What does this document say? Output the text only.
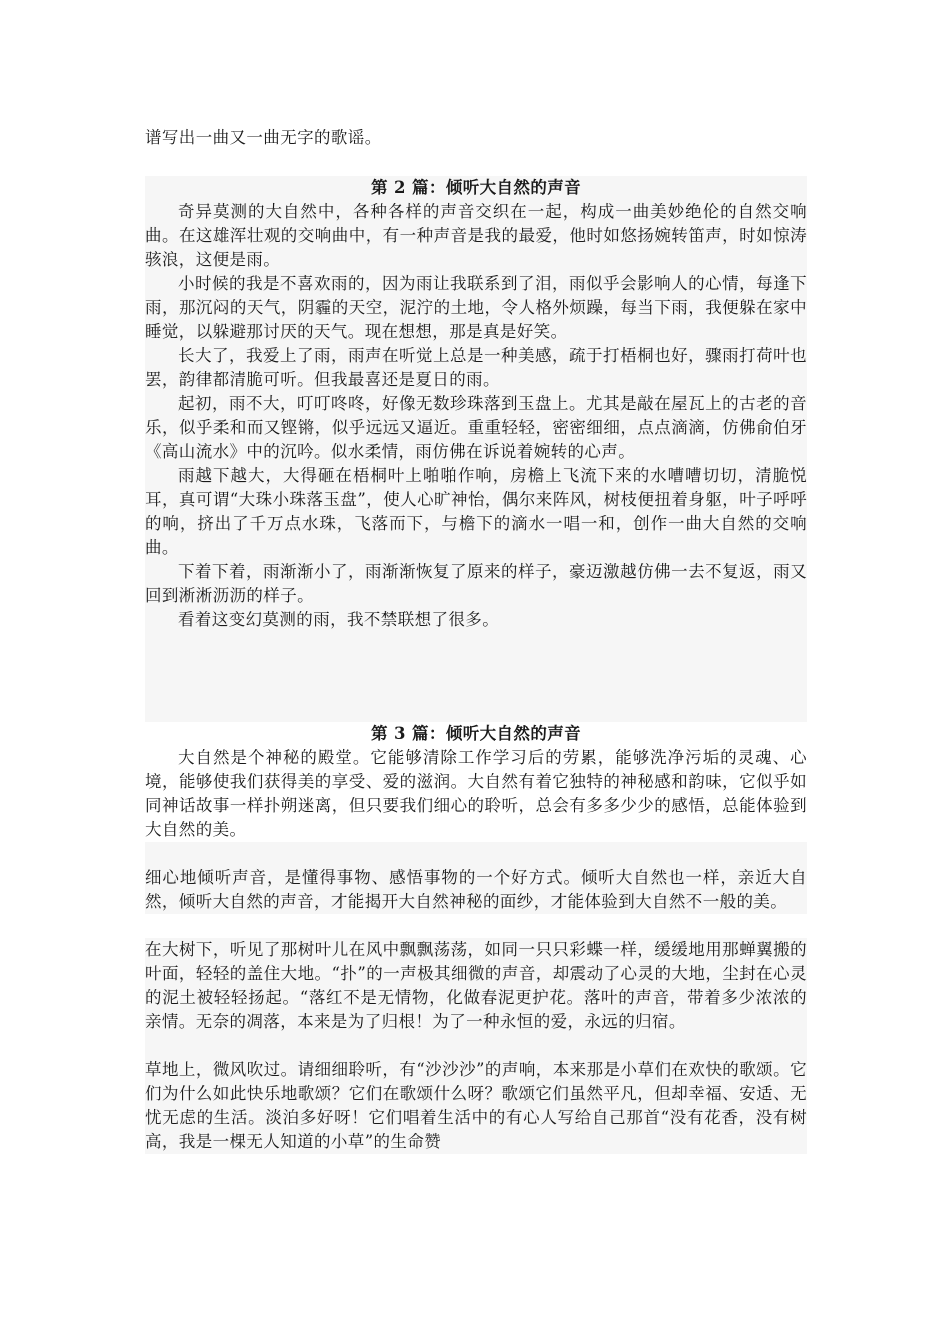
谱写出一曲又一曲无字的歌谣。

第 2 篇：倾听大自然的声音

奇异莫测的大自然中，各种各样的声音交织在一起，构成一曲美妙绝伦的自然交响曲。在这雄浑壮观的交响曲中，有一种声音是我的最爱，他时如悠扬婉转笛声，时如惊涛骇浪，这便是雨。

小时候的我是不喜欢雨的，因为雨让我联系到了泪，雨似乎会影响人的心情，每逢下雨，那沉闷的天气，阴霾的天空，泥泞的土地，令人格外烦躁，每当下雨，我便躲在家中睡觉，以躲避那讨厌的天气。现在想想，那是真是好笑。

长大了，我爱上了雨，雨声在听觉上总是一种美感，疏于打梧桐也好，骤雨打荷叶也罢，韵律都清脆可听。但我最喜还是夏日的雨。

起初，雨不大，叮叮咚咚，好像无数珍珠落到玉盘上。尤其是敲在屋瓦上的古老的音乐，似乎柔和而又铿锵，似乎远远又逼近。重重轻轻，密密细细，点点滴滴，仿佛俞伯牙《高山流水》中的沉吟。似水柔情，雨仿佛在诉说着婉转的心声。

雨越下越大，大得砸在梧桐叶上啪啪作响，房檐上飞流下来的水嘈嘈切切，清脆悦耳，真可谓“大珠小珠落玉盘”，使人心旷神怡，偶尔来阵风，树枝便扭着身躯，叶子呼呼的响，挤出了千万点水珠，飞落而下，与檐下的滴水一唱一和，创作一曲大自然的交响曲。

下着下着，雨渐渐小了，雨渐渐恢复了原来的样子，豪迈激越仿佛一去不复返，雨又回到淅淅沥沥的样子。

看着这变幻莫测的雨，我不禁联想了很多。

第 3 篇：倾听大自然的声音

大自然是个神秘的殿堂。它能够清除工作学习后的劳累，能够洗净污垢的灵魂、心境，能够使我们获得美的享受、爱的滋润。大自然有着它独特的神秘感和韵味，它似乎如同神话故事一样扑朔迷离，但只要我们细心的聆听，总会有多多少少的感悟，总能体验到大自然的美。

细心地倾听声音，是懂得事物、感悟事物的一个好方式。倾听大自然也一样，亲近大自然，倾听大自然的声音，才能揭开大自然神秘的面纱，才能体验到大自然不一般的美。

在大树下，听见了那树叶儿在风中飘飘荡荡，如同一只只彩蝶一样，缓缓地用那蝉翼搬的叶面，轻轻的盖住大地。“扑”的一声极其细微的声音，却震动了心灵的大地，尘封在心灵的泥土被轻轻扬起。“落红不是无情物，化做春泥更护花。落叶的声音，带着多少浓浓的亲情。无奈的凋落，本来是为了归根！为了一种永恒的爱，永远的归宿。

草地上，微风吹过。请细细聆听，有“沙沙沙”的声响，本来那是小草们在欢快的歌颂。它们为什么如此快乐地歌颂？它们在歌颂什么呀？歌颂它们虽然平凡，但却幸福、安适、无忧无虑的生活。淡泊多好呀！它们唱着生活中的有心人写给自己那首“没有花香，没有树高，我是一棵无人知道的小草”的生命赞
